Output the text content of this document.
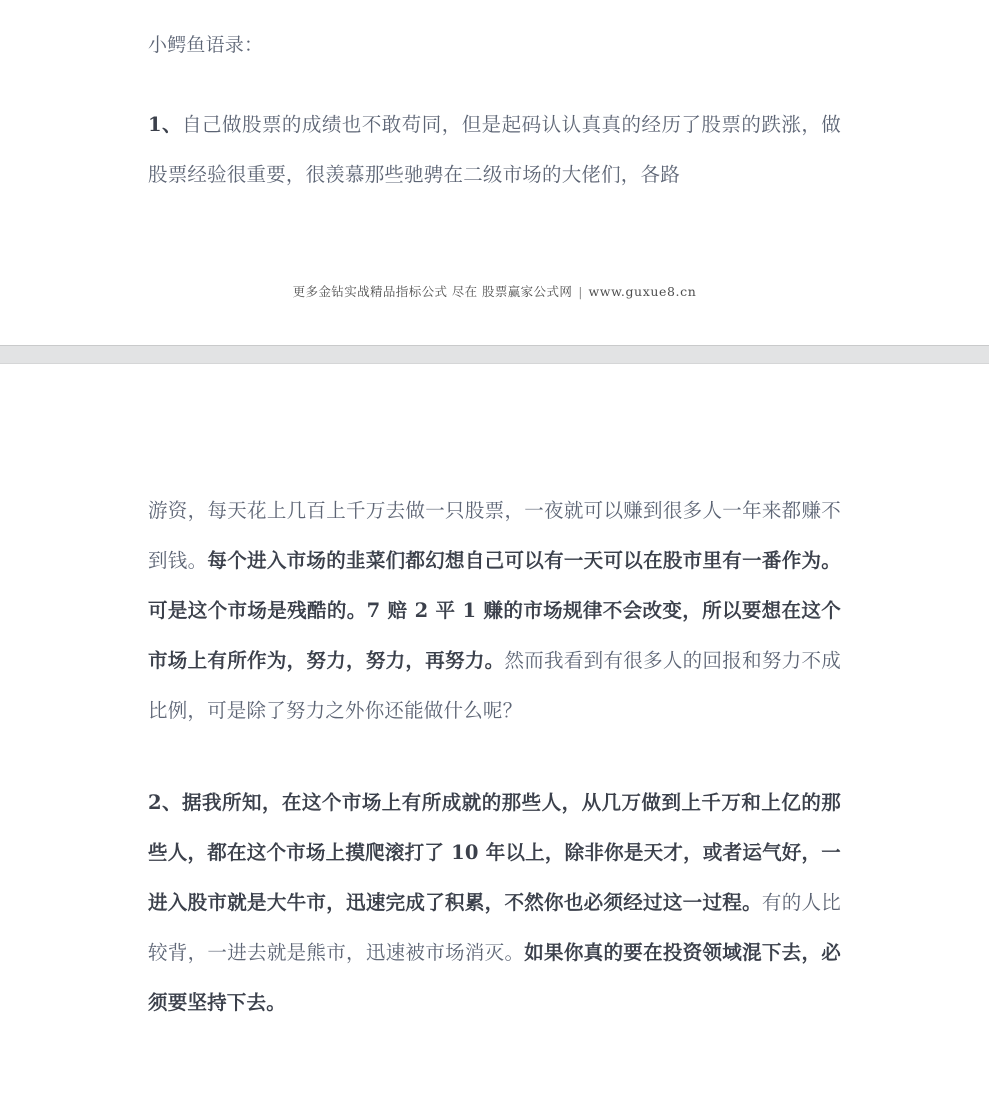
小鳄鱼语录：

1、自己做股票的成绩也不敢苟同，但是起码认认真真的经历了股票的跌涨，做股票经验很重要，很羡慕那些驰骋在二级市场的大佬们，各路

更多金钻实战精品指标公式 尽在 股票赢家公式网 | www.guxue8.cn

游资，每天花上几百上千万去做一只股票，一夜就可以赚到很多人一年来都赚不到钱。每个进入市场的韭菜们都幻想自己可以有一天可以在股市里有一番作为。可是这个市场是残酷的。7 赔 2 平 1 赚的市场规律不会改变，所以要想在这个市场上有所作为，努力，努力，再努力。然而我看到有很多人的回报和努力不成比例，可是除了努力之外你还能做什么呢？

2、据我所知，在这个市场上有所成就的那些人，从几万做到上千万和上亿的那些人，都在这个市场上摸爬滚打了 10 年以上，除非你是天才，或者运气好，一进入股市就是大牛市，迅速完成了积累，不然你也必须经过这一过程。有的人比较背，一进去就是熊市，迅速被市场消灭。如果你真的要在投资领域混下去，必须要坚持下去。
